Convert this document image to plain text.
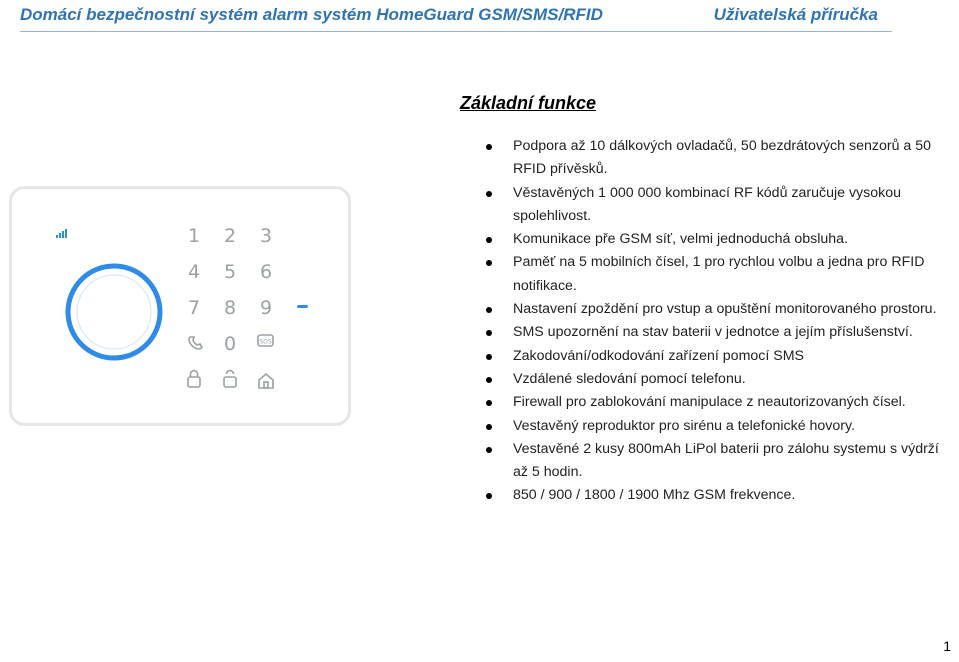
Domácí bezpečnostní systém alarm systém HomeGuard GSM/SMS/RFID	Uživatelská příručka
Základní funkce
Podpora až 10 dálkových ovladačů, 50 bezdrátových senzorů a 50 RFID přívěsků.
Věstavěných 1 000 000 kombinací RF kódů zaručuje vysokou spolehlivost.
Komunikace pře GSM síť, velmi jednoduchá obsluha.
Paměť na 5 mobilních čísel, 1 pro rychlou volbu a jedna pro RFID notifikace.
Nastavení zpoždění pro vstup a opuštění monitorovaného prostoru.
SMS upozornění na stav baterii v jednotce a jejím příslušenství.
Zakodování/odkodování zařízení pomocí SMS
Vzdálené sledování pomocí telefonu.
Firewall pro zablokování manipulace z neautorizovaných čísel.
Vestavěný reproduktor pro sirénu a telefonické hovory.
Vestavěné 2 kusy 800mAh LiPol baterii pro zálohu systemu s výdrží až 5 hodin.
850 / 900 / 1800 / 1900 Mhz GSM frekvence.
1 2 3
4 5 6
7 8 9
0	SOS
1
